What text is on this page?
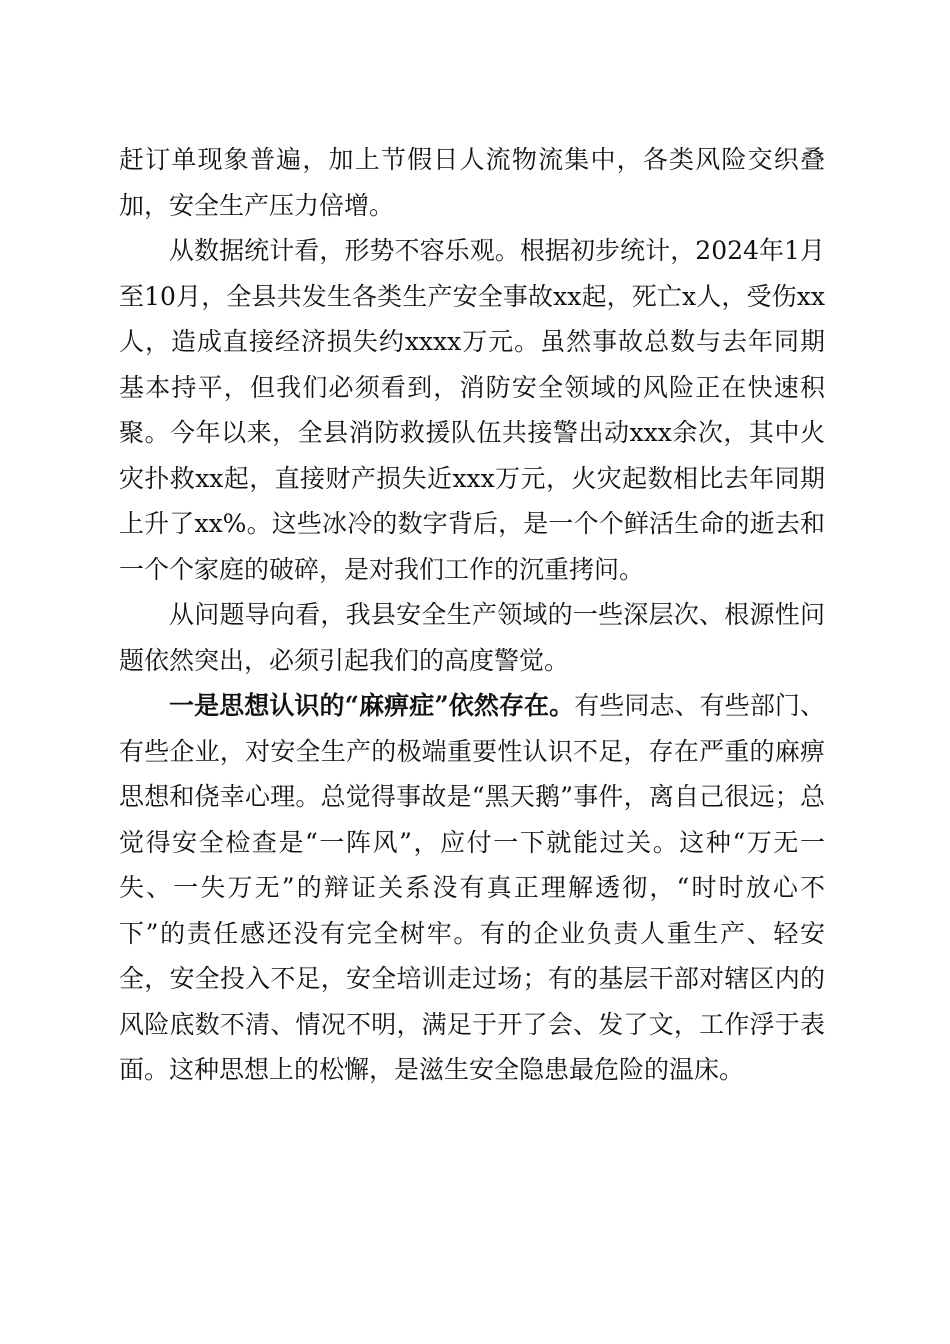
赶订单现象普遍，加上节假日人流物流集中，各类风险交织叠加，安全生产压力倍增。

从数据统计看，形势不容乐观。根据初步统计，2024年1月至10月，全县共发生各类生产安全事故xx起，死亡x人，受伤xx人，造成直接经济损失约xxxx万元。虽然事故总数与去年同期基本持平，但我们必须看到，消防安全领域的风险正在快速积聚。今年以来，全县消防救援队伍共接警出动xxx余次，其中火灾扑救xx起，直接财产损失近xxx万元，火灾起数相比去年同期上升了xx%。这些冰冷的数字背后，是一个个鲜活生命的逝去和一个个家庭的破碎，是对我们工作的沉重拷问。

从问题导向看，我县安全生产领域的一些深层次、根源性问题依然突出，必须引起我们的高度警觉。

一是思想认识的“麻痹症”依然存在。有些同志、有些部门、有些企业，对安全生产的极端重要性认识不足，存在严重的麻痹思想和侥幸心理。总觉得事故是“黑天鹅”事件，离自己很远；总觉得安全检查是“一阵风”，应付一下就能过关。这种“万无一失、一失万无”的辩证关系没有真正理解透彻，“时时放心不下”的责任感还没有完全树牢。有的企业负责人重生产、轻安全，安全投入不足，安全培训走过场；有的基层干部对辖区内的风险底数不清、情况不明，满足于开了会、发了文，工作浮于表面。这种思想上的松懈，是滋生安全隐患最危险的温床。
